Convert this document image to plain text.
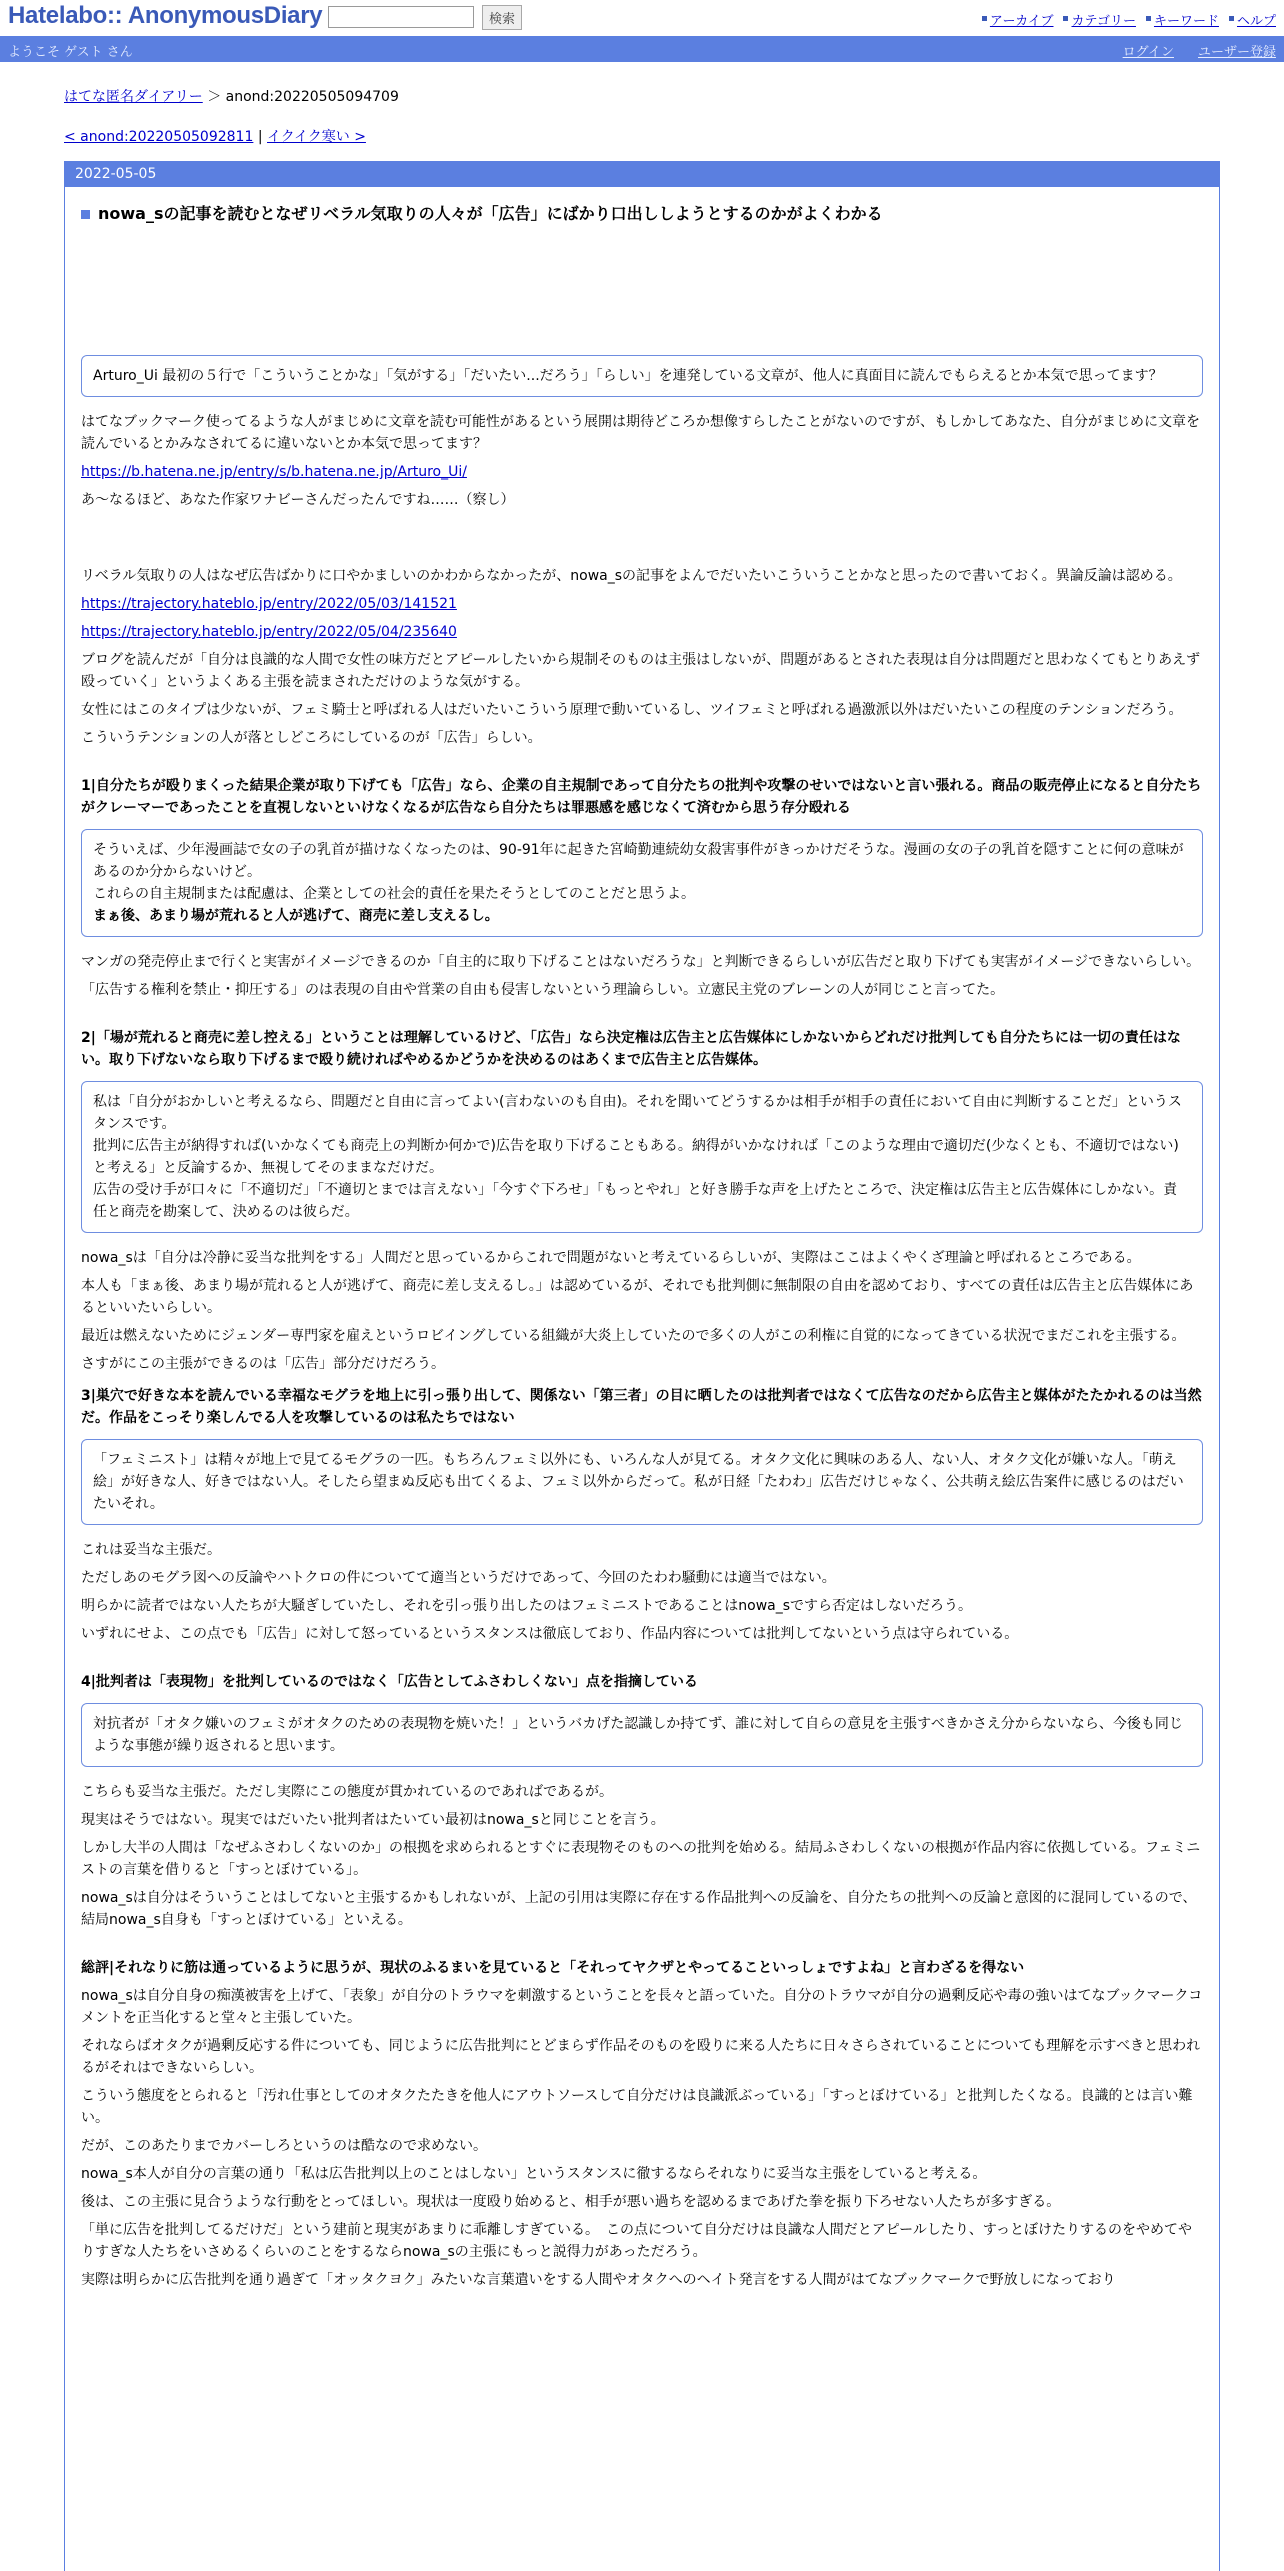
Hatelabo:: AnonymousDiary	検索	アーカイブ カテゴリー キーワード ヘルプ
ようこそ ゲスト さん	ログイン ユーザー登録
はてな匿名ダイアリー ＞ anond:20220505094709
< anond:20220505092811 | イクイク寒い >
2022-05-05
nowa_sの記事を読むとなぜリベラル気取りの人々が「広告」にばかり口出ししようとするのかがよくわかる

Arturo_Ui 最初の５行で「こういうことかな」「気がする」「だいたい...だろう」「らしい」を連発している文章が、他人に真面目に読んでもらえるとか本気で思ってます？

はてなブックマーク使ってるような人がまじめに文章を読む可能性があるという展開は期待どころか想像すらしたことがないのですが、もしかしてあなた、自分がまじめに文章を読んでいるとかみなされてるに違いないとか本気で思ってます？

https://b.hatena.ne.jp/entry/s/b.hatena.ne.jp/Arturo_Ui/

あ～なるほど、あなた作家ワナビーさんだったんですね……（察し）

リベラル気取りの人はなぜ広告ばかりに口やかましいのかわからなかったが、nowa_sの記事をよんでだいたいこういうことかなと思ったので書いておく。異論反論は認める。

https://trajectory.hateblo.jp/entry/2022/05/03/141521

https://trajectory.hateblo.jp/entry/2022/05/04/235640

ブログを読んだが「自分は良識的な人間で女性の味方だとアピールしたいから規制そのものは主張はしないが、問題があるとされた表現は自分は問題だと思わなくてもとりあえず殴っていく」というよくある主張を読まされただけのような気がする。

女性にはこのタイプは少ないが、フェミ騎士と呼ばれる人はだいたいこういう原理で動いているし、ツイフェミと呼ばれる過激派以外はだいたいこの程度のテンションだろう。

こういうテンションの人が落としどころにしているのが「広告」らしい。

1|自分たちが殴りまくった結果企業が取り下げても「広告」なら、企業の自主規制であって自分たちの批判や攻撃のせいではないと言い張れる。商品の販売停止になると自分たちがクレーマーであったことを直視しないといけなくなるが広告なら自分たちは罪悪感を感じなくて済むから思う存分殴れる

そういえば、少年漫画誌で女の子の乳首が描けなくなったのは、90-91年に起きた宮崎勤連続幼女殺害事件がきっかけだそうな。漫画の女の子の乳首を隠すことに何の意味があるのか分からないけど。

これらの自主規制または配慮は、企業としての社会的責任を果たそうとしてのことだと思うよ。

まぁ後、あまり場が荒れると人が逃げて、商売に差し支えるし。

マンガの発売停止まで行くと実害がイメージできるのか「自主的に取り下げることはないだろうな」と判断できるらしいが広告だと取り下げても実害がイメージできないらしい。

「広告する権利を禁止・抑圧する」のは表現の自由や営業の自由も侵害しないという理論らしい。立憲民主党のブレーンの人が同じこと言ってた。

2|「場が荒れると商売に差し控える」ということは理解しているけど、「広告」なら決定権は広告主と広告媒体にしかないからどれだけ批判しても自分たちには一切の責任はない。取り下げないなら取り下げるまで殴り続ければやめるかどうかを決めるのはあくまで広告主と広告媒体。

私は「自分がおかしいと考えるなら、問題だと自由に言ってよい(言わないのも自由)。それを聞いてどうするかは相手が相手の責任において自由に判断することだ」というスタンスです。

批判に広告主が納得すれば(いかなくても商売上の判断か何かで)広告を取り下げることもある。納得がいかなければ「このような理由で適切だ(少なくとも、不適切ではない)と考える」と反論するか、無視してそのままなだけだ。

広告の受け手が口々に「不適切だ」「不適切とまでは言えない」「今すぐ下ろせ」「もっとやれ」と好き勝手な声を上げたところで、決定権は広告主と広告媒体にしかない。責任と商売を勘案して、決めるのは彼らだ。

nowa_sは「自分は冷静に妥当な批判をする」人間だと思っているからこれで問題がないと考えているらしいが、実際はここはよくやくざ理論と呼ばれるところである。

本人も「まぁ後、あまり場が荒れると人が逃げて、商売に差し支えるし。」は認めているが、それでも批判側に無制限の自由を認めており、すべての責任は広告主と広告媒体にあるといいたいらしい。

最近は燃えないためにジェンダー専門家を雇えというロビイングしている組織が大炎上していたので多くの人がこの利権に自覚的になってきている状況でまだこれを主張する。

さすがにこの主張ができるのは「広告」部分だけだろう。

3|巣穴で好きな本を読んでいる幸福なモグラを地上に引っ張り出して、関係ない「第三者」の目に晒したのは批判者ではなくて広告なのだから広告主と媒体がたたかれるのは当然だ。作品をこっそり楽しんでる人を攻撃しているのは私たちではない

「フェミニスト」は精々が地上で見てるモグラの一匹。もちろんフェミ以外にも、いろんな人が見てる。オタク文化に興味のある人、ない人、オタク文化が嫌いな人。「萌え絵」が好きな人、好きではない人。そしたら望まぬ反応も出てくるよ、フェミ以外からだって。私が日経「たわわ」広告だけじゃなく、公共萌え絵広告案件に感じるのはだいたいそれ。

これは妥当な主張だ。

ただしあのモグラ図への反論やハトクロの件についてて適当というだけであって、今回のたわわ騒動には適当ではない。

明らかに読者ではない人たちが大騒ぎしていたし、それを引っ張り出したのはフェミニストであることはnowa_sですら否定はしないだろう。

いずれにせよ、この点でも「広告」に対して怒っているというスタンスは徹底しており、作品内容については批判してないという点は守られている。

4|批判者は「表現物」を批判しているのではなく「広告としてふさわしくない」点を指摘している

対抗者が「オタク嫌いのフェミがオタクのための表現物を焼いた！」というバカげた認識しか持てず、誰に対して自らの意見を主張すべきかさえ分からないなら、今後も同じような事態が繰り返されると思います。

こちらも妥当な主張だ。ただし実際にこの態度が貫かれているのであればであるが。

現実はそうではない。現実ではだいたい批判者はたいてい最初はnowa_sと同じことを言う。

しかし大半の人間は「なぜふさわしくないのか」の根拠を求められるとすぐに表現物そのものへの批判を始める。結局ふさわしくないの根拠が作品内容に依拠している。フェミニストの言葉を借りると「すっとぼけている」。

nowa_sは自分はそういうことはしてないと主張するかもしれないが、上記の引用は実際に存在する作品批判への反論を、自分たちの批判への反論と意図的に混同しているので、結局nowa_s自身も「すっとぼけている」といえる。

総評|それなりに筋は通っているように思うが、現状のふるまいを見ていると「それってヤクザとやってることいっしょですよね」と言わざるを得ない

nowa_sは自分自身の痴漢被害を上げて、「表象」が自分のトラウマを刺激するということを長々と語っていた。自分のトラウマが自分の過剰反応や毒の強いはてなブックマークコメントを正当化すると堂々と主張していた。

それならばオタクが過剰反応する件についても、同じように広告批判にとどまらず作品そのものを殴りに来る人たちに日々さらされていることについても理解を示すべきと思われるがそれはできないらしい。

こういう態度をとられると「汚れ仕事としてのオタクたたきを他人にアウトソースして自分だけは良識派ぶっている」「すっとぼけている」と批判したくなる。良識的とは言い難い。

だが、このあたりまでカバーしろというのは酷なので求めない。

nowa_s本人が自分の言葉の通り「私は広告批判以上のことはしない」というスタンスに徹するならそれなりに妥当な主張をしていると考える。

後は、この主張に見合うような行動をとってほしい。現状は一度殴り始めると、相手が悪い過ちを認めるまであげた拳を振り下ろせない人たちが多すぎる。

「単に広告を批判してるだけだ」という建前と現実があまりに乖離しすぎている。　この点について自分だけは良識な人間だとアピールしたり、すっとぼけたりするのをやめてやりすぎな人たちをいさめるくらいのことをするならnowa_sの主張にもっと説得力があっただろう。

実際は明らかに広告批判を通り過ぎて「オッタクヨク」みたいな言葉遣いをする人間やオタクへのヘイト発言をする人間がはてなブックマークで野放しになっており
